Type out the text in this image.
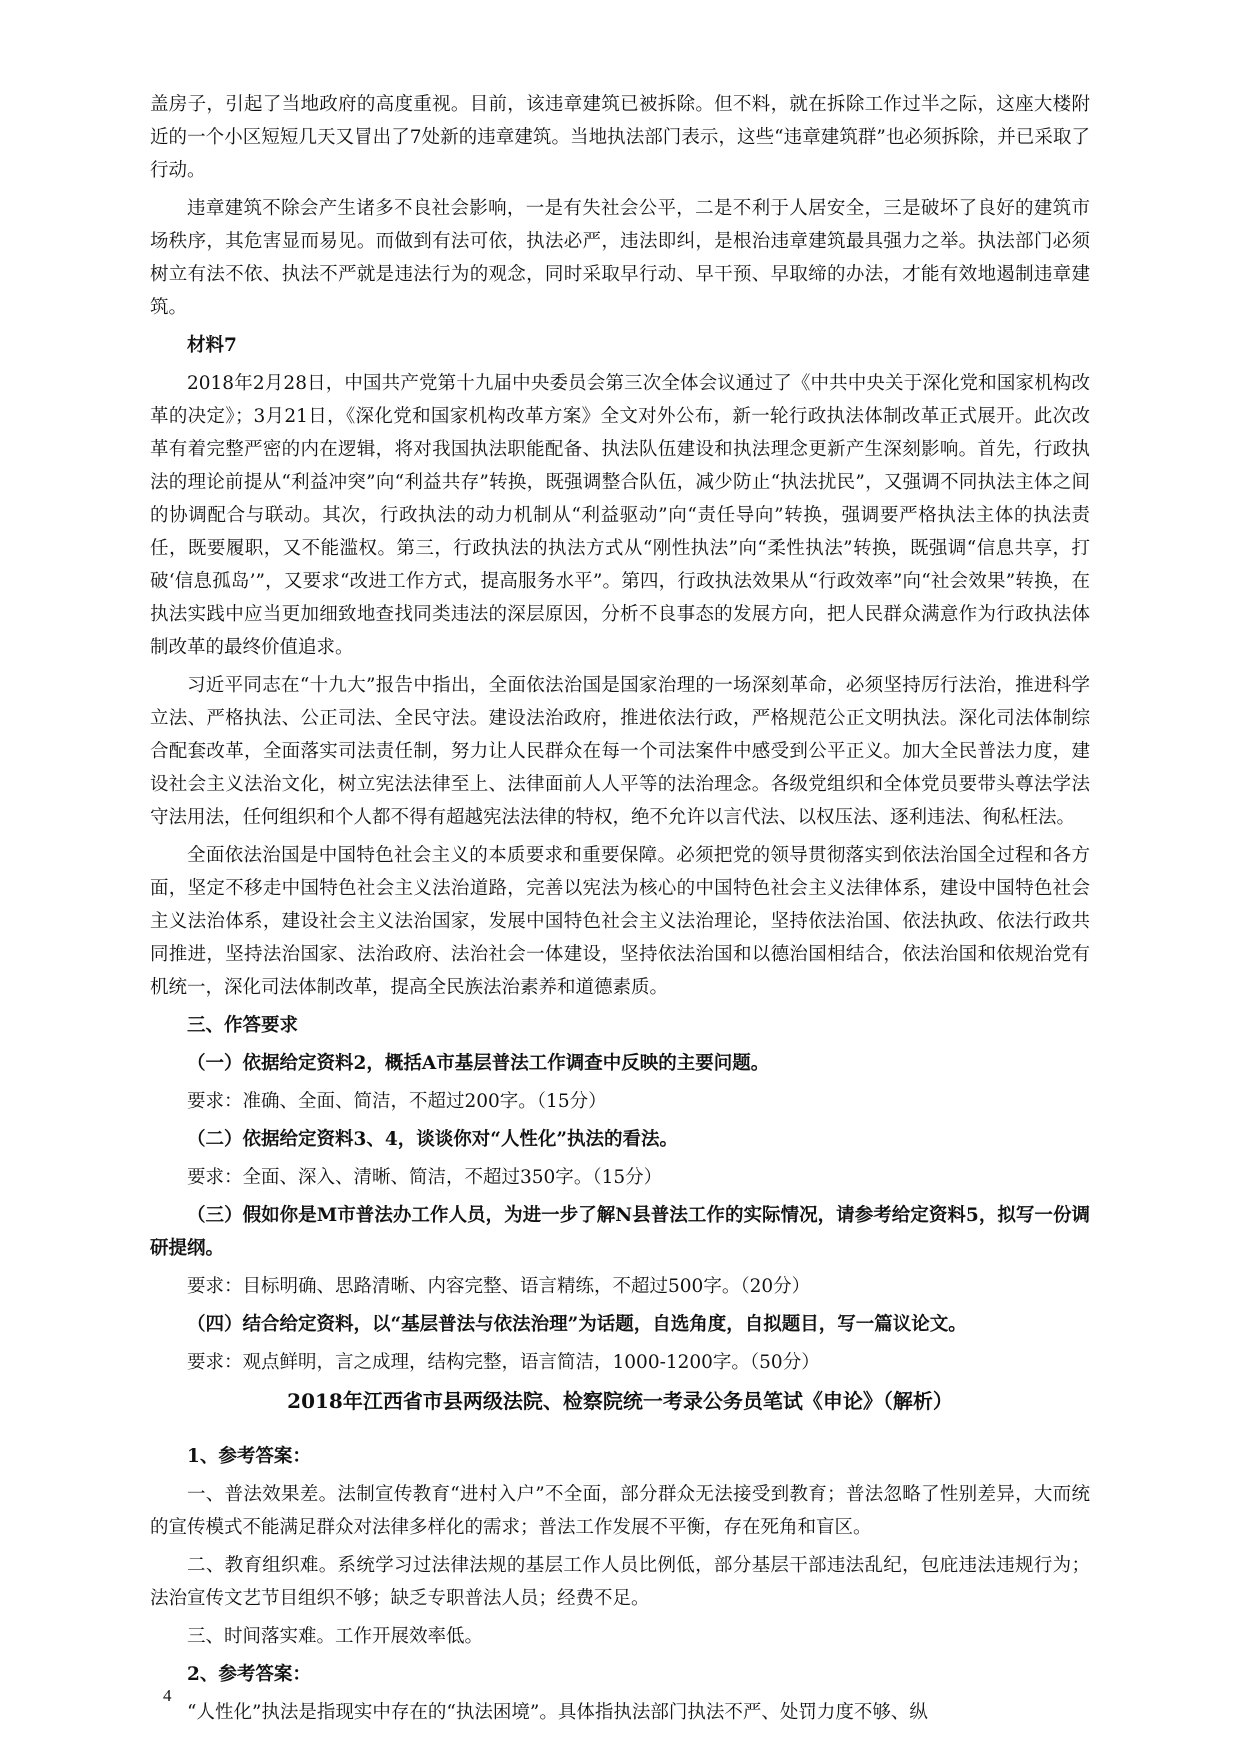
盖房子，引起了当地政府的高度重视。目前，该违章建筑已被拆除。但不料，就在拆除工作过半之际，这座大楼附近的一个小区短短几天又冒出了7处新的违章建筑。当地执法部门表示，这些“违章建筑群”也必须拆除，并已采取了行动。

违章建筑不除会产生诸多不良社会影响，一是有失社会公平，二是不利于人居安全，三是破坏了良好的建筑市场秩序，其危害显而易见。而做到有法可依，执法必严，违法即纠，是根治违章建筑最具强力之举。执法部门必须树立有法不依、执法不严就是违法行为的观念，同时采取早行动、早干预、早取缔的办法，才能有效地遏制违章建筑。

材料7

2018年2月28日，中国共产党第十九届中央委员会第三次全体会议通过了《中共中央关于深化党和国家机构改革的决定》；3月21日，《深化党和国家机构改革方案》全文对外公布，新一轮行政执法体制改革正式展开。此次改革有着完整严密的内在逻辑，将对我国执法职能配备、执法队伍建设和执法理念更新产生深刻影响。首先，行政执法的理论前提从“利益冲突”向“利益共存”转换，既强调整合队伍，减少防止“执法扰民”，又强调不同执法主体之间的协调配合与联动。其次，行政执法的动力机制从“利益驱动”向“责任导向”转换，强调要严格执法主体的执法责任，既要履职，又不能滥权。第三，行政执法的执法方式从“刚性执法”向“柔性执法”转换，既强调“信息共享，打破‘信息孤岛’”，又要求“改进工作方式，提高服务水平”。第四，行政执法效果从“行政效率”向“社会效果”转换，在执法实践中应当更加细致地查找同类违法的深层原因，分析不良事态的发展方向，把人民群众满意作为行政执法体制改革的最终价值追求。

习近平同志在“十九大”报告中指出，全面依法治国是国家治理的一场深刻革命，必须坚持厉行法治，推进科学立法、严格执法、公正司法、全民守法。建设法治政府，推进依法行政，严格规范公正文明执法。深化司法体制综合配套改革，全面落实司法责任制，努力让人民群众在每一个司法案件中感受到公平正义。加大全民普法力度，建设社会主义法治文化，树立宪法法律至上、法律面前人人平等的法治理念。各级党组织和全体党员要带头尊法学法守法用法，任何组织和个人都不得有超越宪法法律的特权，绝不允许以言代法、以权压法、逐利违法、徇私枉法。

全面依法治国是中国特色社会主义的本质要求和重要保障。必须把党的领导贯彻落实到依法治国全过程和各方面，坚定不移走中国特色社会主义法治道路，完善以宪法为核心的中国特色社会主义法律体系，建设中国特色社会主义法治体系，建设社会主义法治国家，发展中国特色社会主义法治理论，坚持依法治国、依法执政、依法行政共同推进，坚持法治国家、法治政府、法治社会一体建设，坚持依法治国和以德治国相结合，依法治国和依规治党有机统一，深化司法体制改革，提高全民族法治素养和道德素质。

三、作答要求

（一）依据给定资料2，概括A市基层普法工作调查中反映的主要问题。

要求：准确、全面、简洁，不超过200字。（15分）

（二）依据给定资料3、4，谈谈你对“人性化”执法的看法。

要求：全面、深入、清晰、简洁，不超过350字。（15分）

（三）假如你是M市普法办工作人员，为进一步了解N县普法工作的实际情况，请参考给定资料5，拟写一份调研提纲。

要求：目标明确、思路清晰、内容完整、语言精练，不超过500字。（20分）

（四）结合给定资料，以“基层普法与依法治理”为话题，自选角度，自拟题目，写一篇议论文。

要求：观点鲜明，言之成理，结构完整，语言简洁，1000-1200字。（50分）

2018年江西省市县两级法院、检察院统一考录公务员笔试《申论》（解析）

1、参考答案：

一、普法效果差。法制宣传教育“进村入户”不全面，部分群众无法接受到教育；普法忽略了性别差异，大而统的宣传模式不能满足群众对法律多样化的需求；普法工作发展不平衡，存在死角和盲区。

二、教育组织难。系统学习过法律法规的基层工作人员比例低，部分基层干部违法乱纪，包庇违法违规行为；法治宣传文艺节目组织不够；缺乏专职普法人员；经费不足。

三、时间落实难。工作开展效率低。

2、参考答案：

“人性化”执法是指现实中存在的“执法困境”。具体指执法部门执法不严、处罚力度不够、纵

4
